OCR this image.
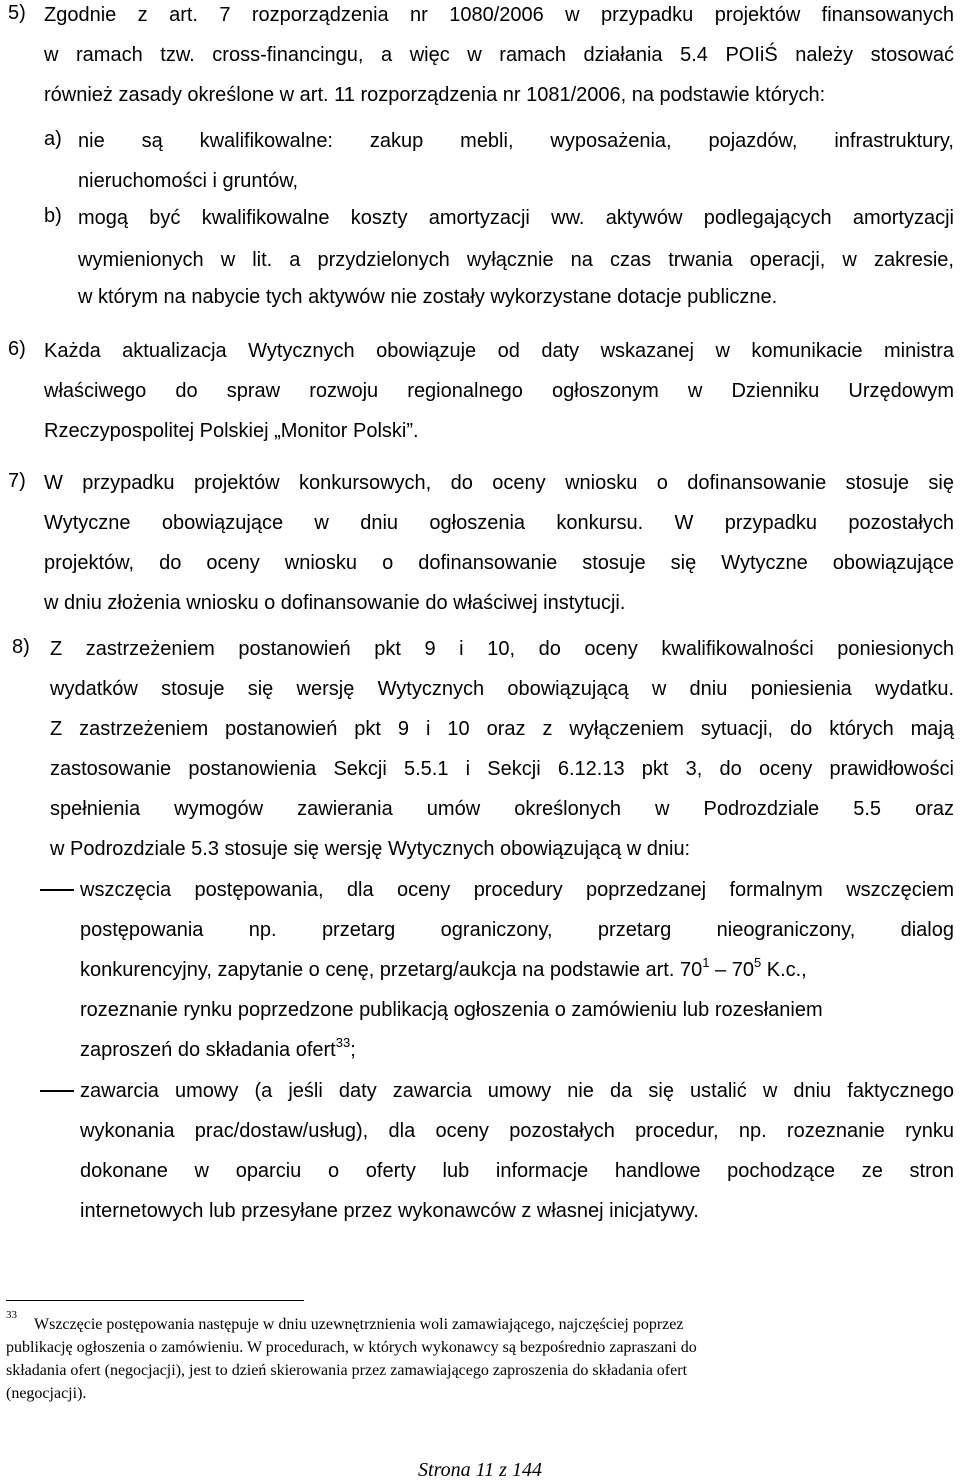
5) Zgodnie z art. 7 rozporządzenia nr 1080/2006 w przypadku projektów finansowanych
w ramach tzw. cross-financingu, a więc w ramach działania 5.4 POIiŚ należy stosować
również zasady określone w art. 11 rozporządzenia nr 1081/2006, na podstawie których:
a) nie są kwalifikowalne: zakup mebli, wyposażenia, pojazdów, infrastruktury,
nieruchomości i gruntów,
b) mogą być kwalifikowalne koszty amortyzacji ww. aktywów podlegających amortyzacji
wymienionych w lit. a przydzielonych wyłącznie na czas trwania operacji, w zakresie,
w którym na nabycie tych aktywów nie zostały wykorzystane dotacje publiczne.
6) Każda aktualizacja Wytycznych obowiązuje od daty wskazanej w komunikacie ministra
właściwego do spraw rozwoju regionalnego ogłoszonym w Dzienniku Urzędowym
Rzeczypospolitej Polskiej „Monitor Polski”.
7) W przypadku projektów konkursowych, do oceny wniosku o dofinansowanie stosuje się
Wytyczne obowiązujące w dniu ogłoszenia konkursu. W przypadku pozostałych
projektów, do oceny wniosku o dofinansowanie stosuje się Wytyczne obowiązujące
w dniu złożenia wniosku o dofinansowanie do właściwej instytucji.
8) Z zastrzeżeniem postanowień pkt 9 i 10, do oceny kwalifikowalności poniesionych
wydatków stosuje się wersję Wytycznych obowiązującą w dniu poniesienia wydatku.
Z zastrzeżeniem postanowień pkt 9 i 10 oraz z wyłączeniem sytuacji, do których mają
zastosowanie postanowienia Sekcji 5.5.1 i Sekcji 6.12.13 pkt 3, do oceny prawidłowości
spełnienia wymogów zawierania umów określonych w Podrozdziale 5.5 oraz
w Podrozdziale 5.3 stosuje się wersję Wytycznych obowiązującą w dniu:
wszczęcia postępowania, dla oceny procedury poprzedzanej formalnym wszczęciem
postępowania np. przetarg ograniczony, przetarg nieograniczony, dialog
konkurencyjny, zapytanie o cenę, przetarg/aukcja na podstawie art. $70^1 - 70^5$ K.c.,
rozeznanie rynku poprzedzone publikacją ogłoszenia o zamówieniu lub rozesłaniem
zaproszeń do składania ofert$^{33}$;
zawarcia umowy (a jeśli daty zawarcia umowy nie da się ustalić w dniu faktycznego
wykonania prac/dostaw/usług), dla oceny pozostałych procedur, np. rozeznanie rynku
dokonane w oparciu o oferty lub informacje handlowe pochodzące ze stron
internetowych lub przesyłane przez wykonawców z własnej inicjatywy.
33
Wszczęcie postępowania następuje w dniu uzewnętrznienia woli zamawiającego, najczęściej poprzez
publikację ogłoszenia o zamówieniu. W procedurach, w których wykonawcy są bezpośrednio zapraszani do
składania ofert (negocjacji), jest to dzień skierowania przez zamawiającego zaproszenia do składania ofert
(negocjacji).
Strona 11 z 144
